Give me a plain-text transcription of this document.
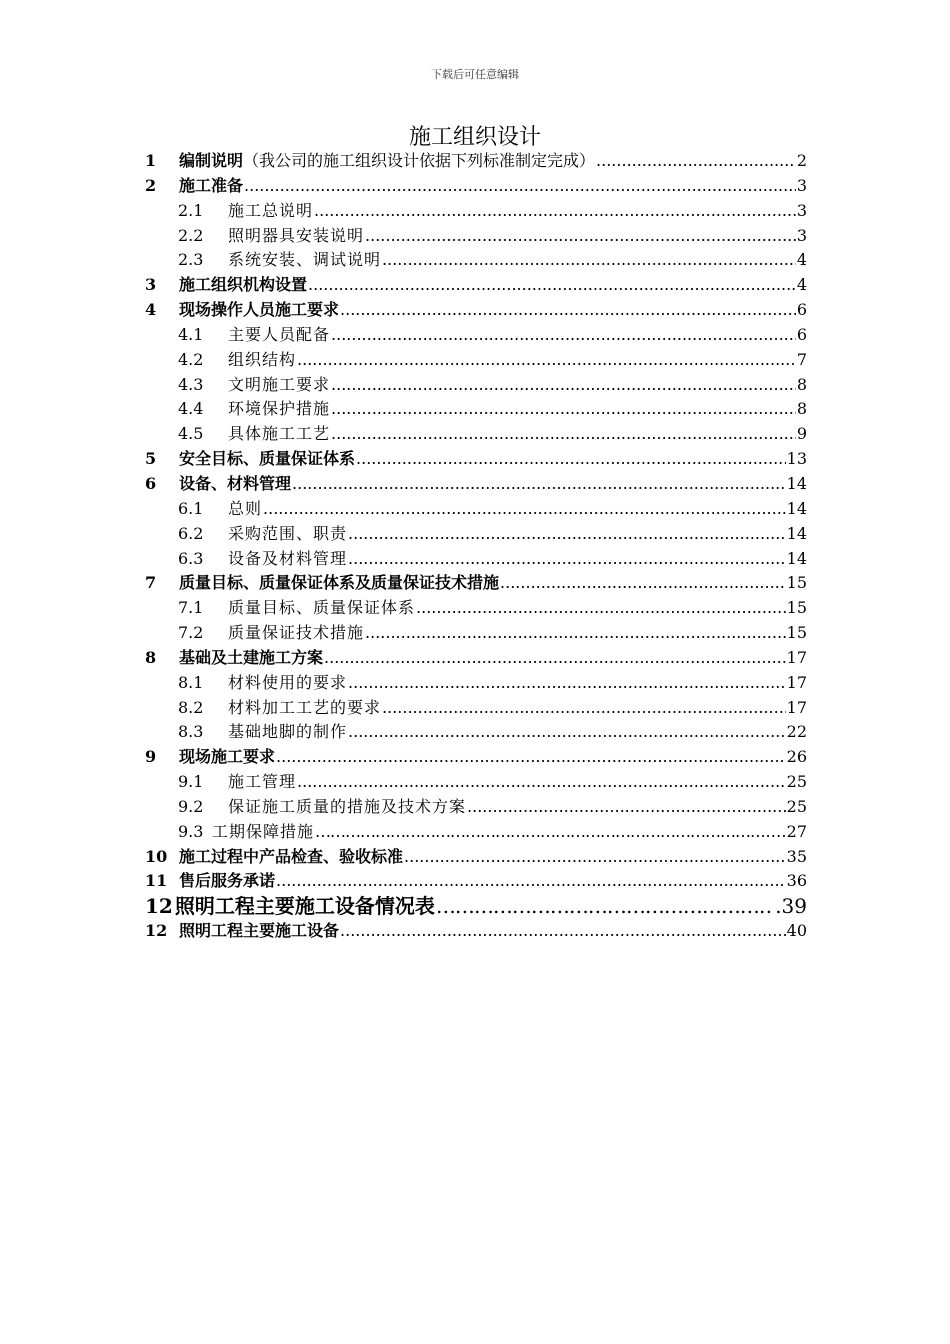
下载后可任意编辑
施工组织设计
1	编制说明 （我公司的施工组织设计依据下列标准制定完成） .....	2
2	施工准备 .....	3
2.1	施工总说明 .....	3
2.2	照明器具安装说明 .....	3
2.3	系统安装、调试说明 .....	4
3	施工组织机构设置 .....	4
4	现场操作人员施工要求 .....	6
4.1	主要人员配备 .....	6
4.2	组织结构 .....	7
4.3	文明施工要求 .....	8
4.4	环境保护措施 .....	8
4.5	具体施工工艺 .....	9
5	安全目标、质量保证体系 .....	13
6	设备、材料管理 .....	14
6.1	总则 .....	14
6.2	采购范围、职责 .....	14
6.3	设备及材料管理 .....	14
7	质量目标、质量保证体系及质量保证技术措施 .....	15
7.1	质量目标、质量保证体系 .....	15
7.2	质量保证技术措施 .....	15
8	基础及土建施工方案 .....	17
8.1	材料使用的要求 .....	17
8.2	材料加工工艺的要求 .....	17
8.3	基础地脚的制作 .....	22
9	现场施工要求 .....	26
9.1	施工管理 .....	25
9.2	保证施工质量的措施及技术方案 .....	25
9.3 工期保障措施 ………………………………………………………………………………………………………………………………………………	...…27
10 施工过程中产品检查、验收标准 .....	35
11 售后服务承诺 .....	36
12 照明工程主要施工设备情况表 ………………………………………………………………………………………………………………………………………………	.39
12 照明工程主要施工设备 .....	40
